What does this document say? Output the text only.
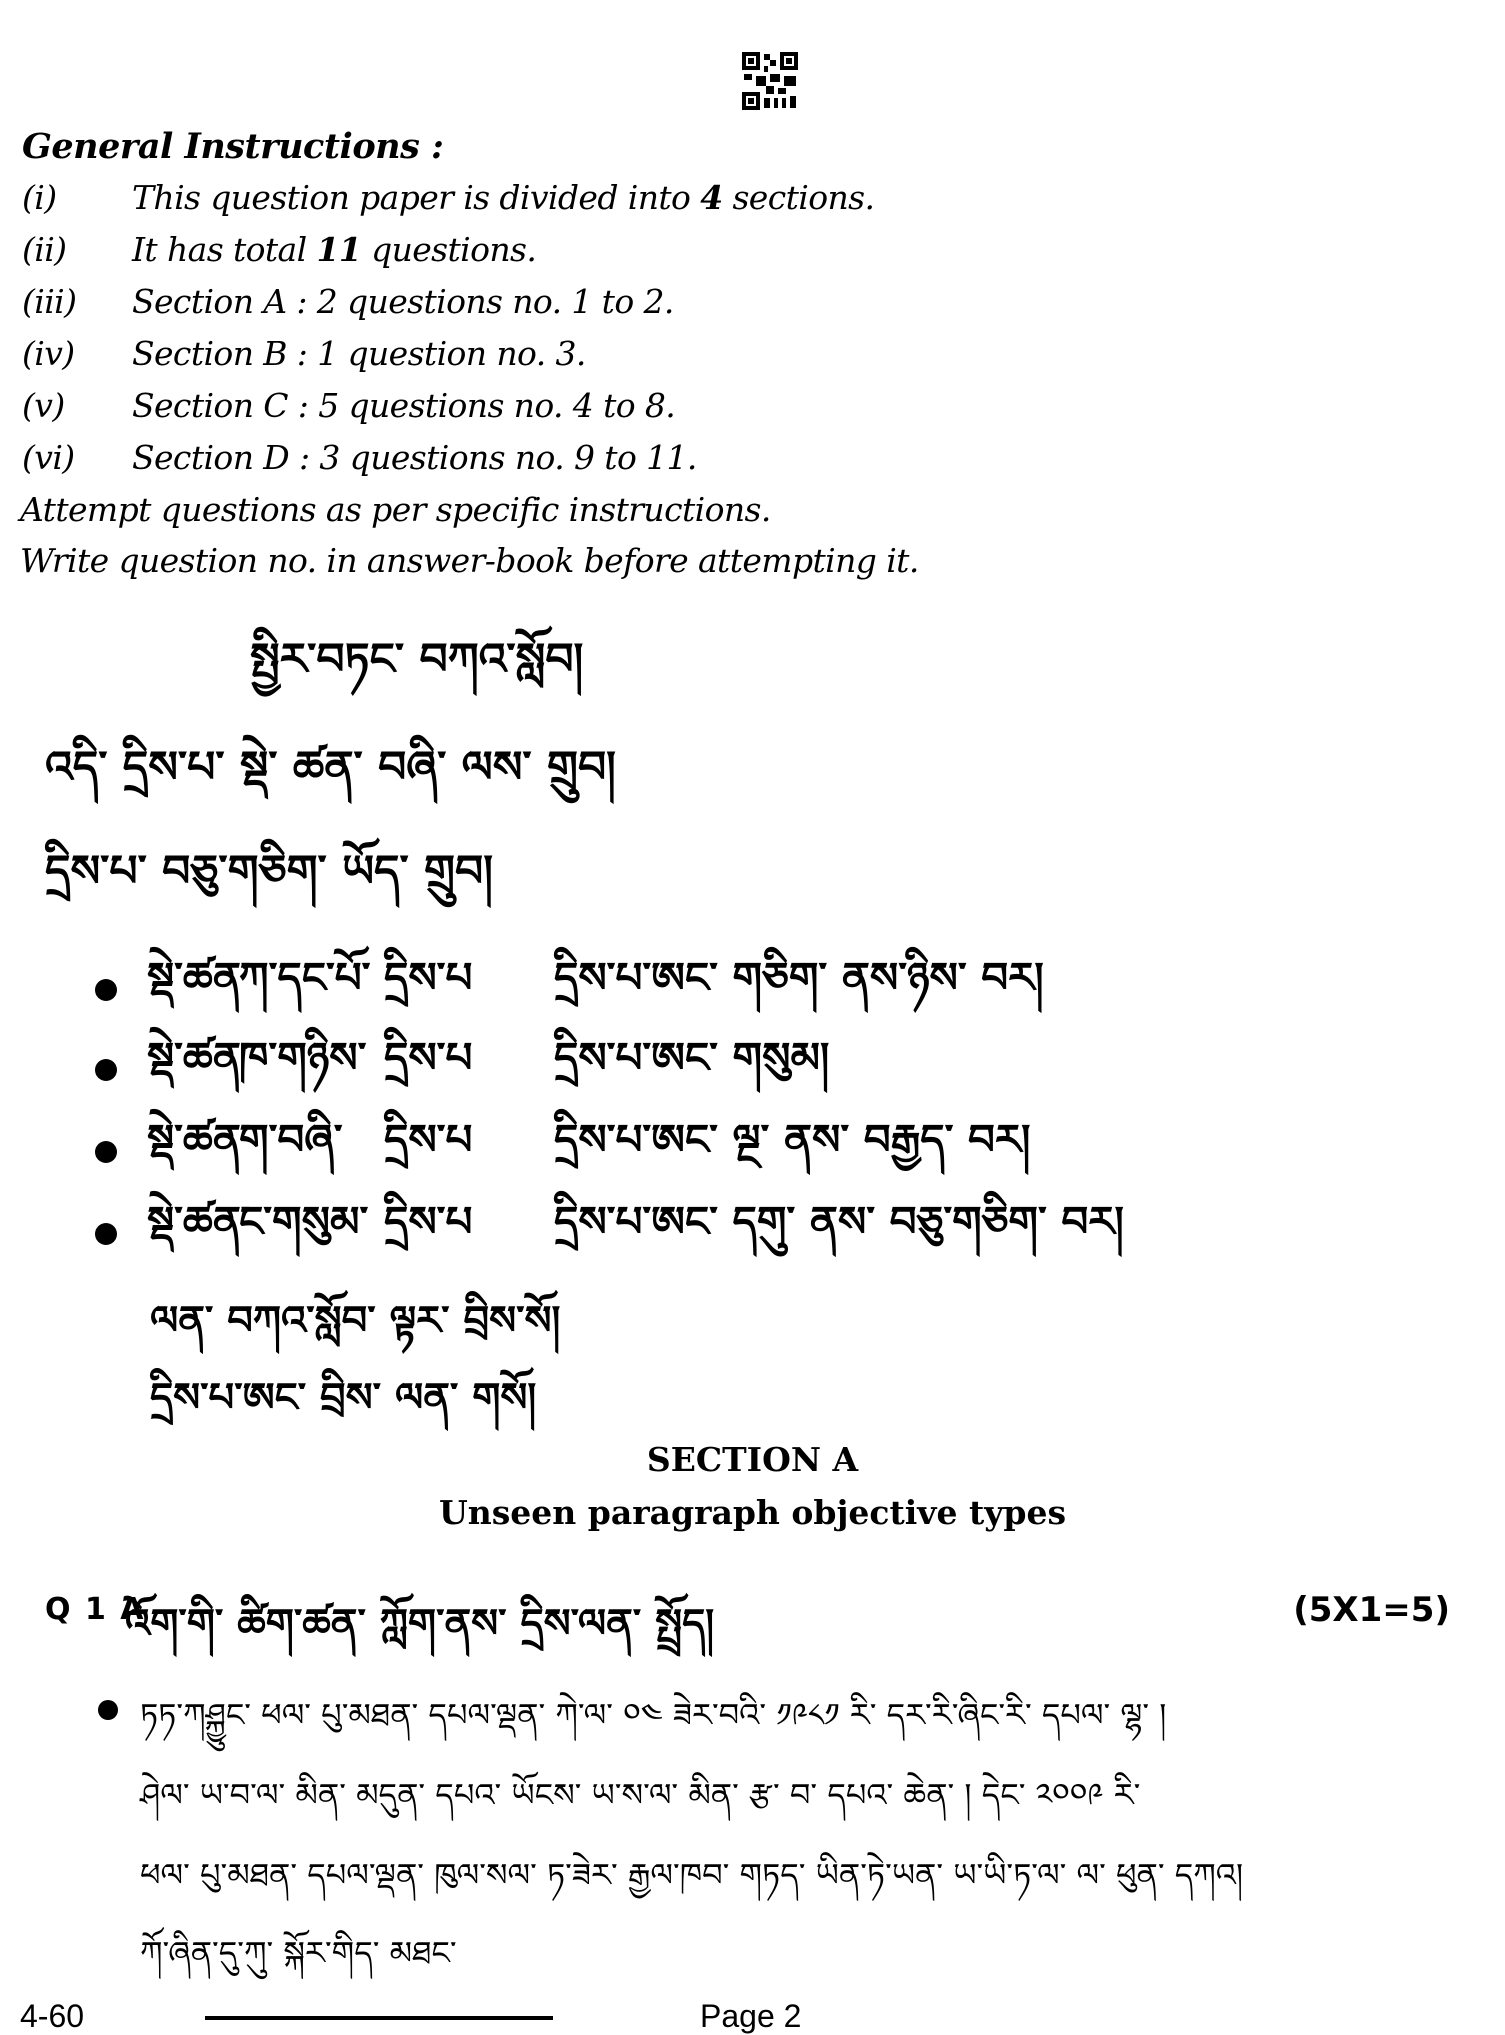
General Instructions :
(i) This question paper is divided into 4 sections.
(ii) It has total 11 questions.
(iii) Section A : 2 questions no. 1 to 2.
(iv) Section B : 1 question no. 3.
(v) Section C : 5 questions no. 4 to 8.
(vi) Section D : 3 questions no. 9 to 11.
Attempt questions as per specific instructions.
Write question no. in answer-book before attempting it.
སྤྱིར་བཏང་ བཀའ་སློབ།
འདི་ དྲིས་པ་ སྡེ་ ཚན་ བཞི་ ལས་ གྲུབ།
དྲིས་པ་ བཅུ་གཅིག་ ཡོད་ གྲུབ།
སྡེ་ཚན་
ཀ་དང་པོ་ དྲིས་པ	དྲིས་པ་ཨང་ གཅིག་ ནས་ཉིས་ བར།
སྡེ་ཚན་
ཁ་གཉིས་ དྲིས་པ	དྲིས་པ་ཨང་ གསུམ།
སྡེ་ཚན་
ག་བཞི་ དྲིས་པ	དྲིས་པ་ཨང་ ལྔ་ ནས་ བརྒྱད་ བར།
སྡེ་ཚན་
ང་གསུམ་ དྲིས་པ	དྲིས་པ་ཨང་ དགུ་ ནས་ བཅུ་གཅིག་ བར།
ལན་ བཀའ་སློབ་ ལྟར་ བྲིས་སོ།
དྲིས་པ་ཨང་ བྲིས་ ལན་ གསོ།
SECTION A
Unseen paragraph objective types
Q 1 A
འོག་གི་ ཚིག་ཚན་ ཀློག་ནས་ དྲིས་ལན་ སྤྲོད།	(5X1=5)
ཏཏ་ཀཤྐྱུང་ ཕལ་ པུ་མཐན་ དཔལ་ལྡན་ ཀེ་ལ་ ༠༤ ཟེར་བའི་ ༡༩༨༡ རི་ དར་རི་ཞིང་རི་ དཔལ་ ལྷ་ །
ཤེལ་ ཡ་བ་ལ་ མིན་ མདུན་ དཔའ་ ཡོངས་ ཡ་ས་ལ་ མིན་ རྩ་ བ་ དཔའ་ ཆེན་ ། དེང་ ༢༠༠༩ རི་
ཕལ་ པུ་མཐན་ དཔལ་ལྡན་ ཁུལ་སལ་ ཏ་ཟེར་ རྒྱལ་ཁབ་ གཏད་ ཡིན་ཏེ་ཡན་ ཡ་ཡི་ཏ་ལ་ ལ་ ཕུན་ དཀའ།
ཀོ་ཞིན་དུ་ཀུ་ སྐོར་གིད་ མཐང་
4-60	Page 2
